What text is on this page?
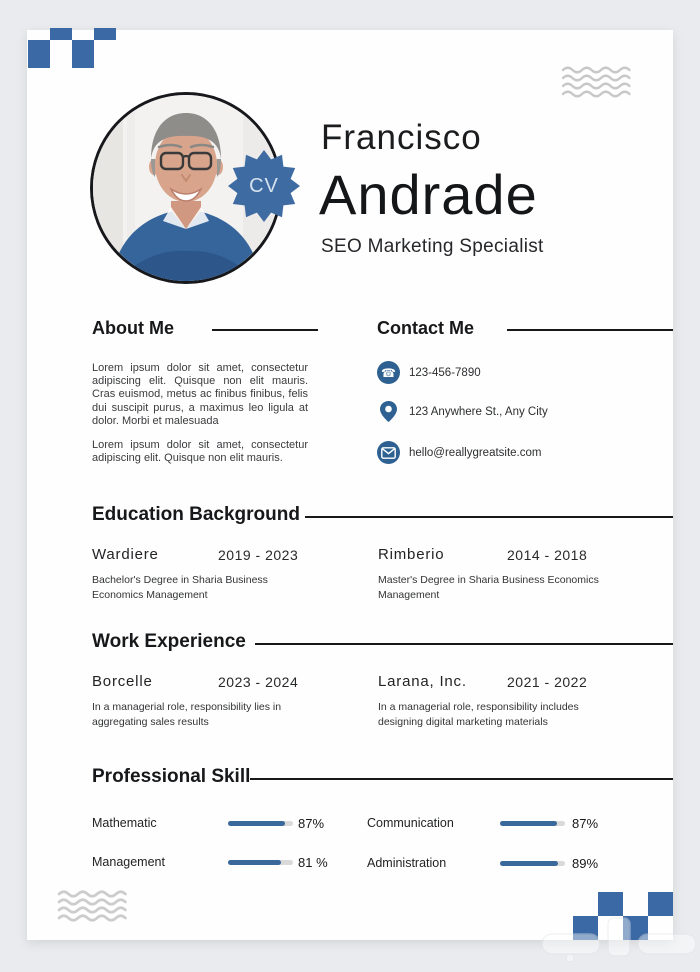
CV
Francisco
Andrade
SEO Marketing Specialist
About Me

Lorem ipsum dolor sit amet, consectetur adipiscing elit. Quisque non elit mauris. Cras euismod, metus ac finibus finibus, felis dui suscipit purus, a maximus leo ligula at dolor. Morbi et malesuada

Lorem ipsum dolor sit amet, consectetur adipiscing elit. Quisque non elit mauris.

Contact Me
☎ 123-456-7890
123 Anywhere St., Any City
hello@reallygreatsite.com
Education Background
Wardiere	2019 - 2023
Bachelor's Degree in Sharia Business Economics Management
Rimberio	2014 - 2018
Master's Degree in Sharia Business Economics Management
Work Experience
Borcelle	2023 - 2024
In a managerial role, responsibility lies in aggregating sales results
Larana, Inc.	2021 - 2022
In a managerial role, responsibility includes designing digital marketing materials
Professional Skill
Mathematic	87%
Management	81 %
Communication	87%
Administration	89%
